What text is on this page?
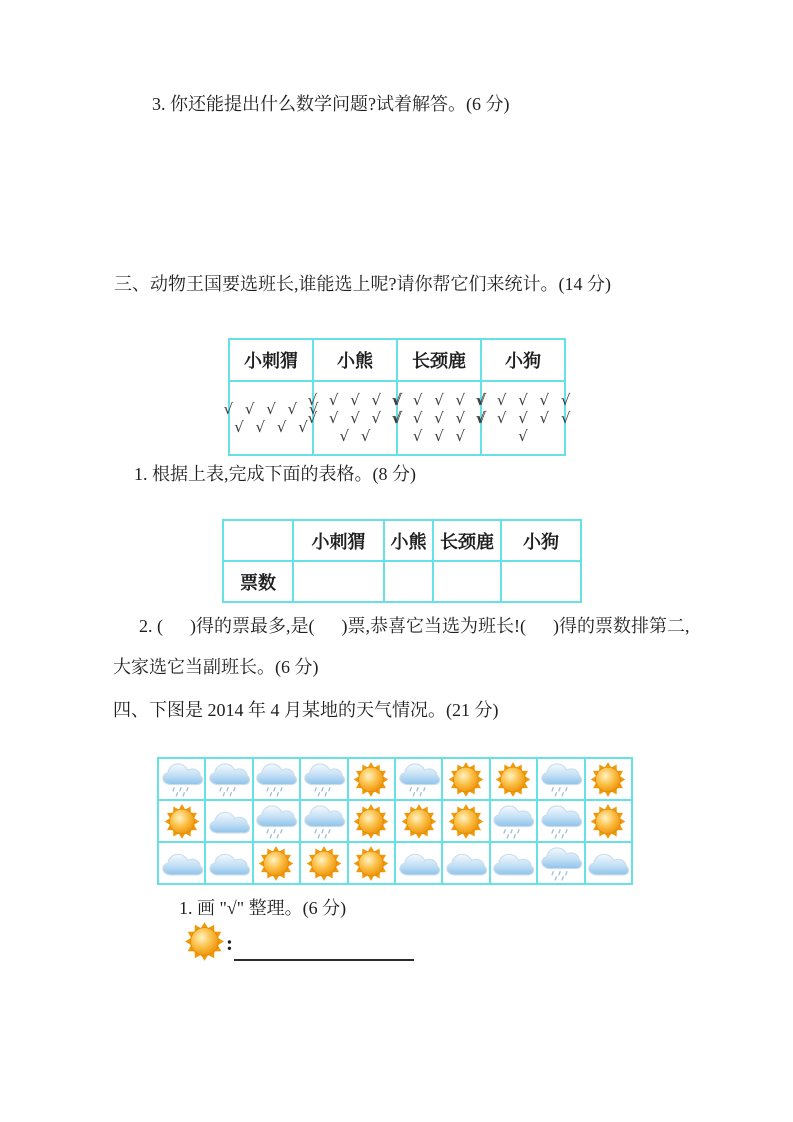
3. 你还能提出什么数学问题?试着解答。(6 分)
三、动物王国要选班长,谁能选上呢?请你帮它们来统计。(14 分)
小刺猬	小熊	长颈鹿	小狗

√ √ √ √ √
√ √ √ √

√ √ √ √ √
√ √ √ √ √
√ √

√ √ √ √ √
√ √ √ √ √
√ √ √

√ √ √ √ √
√ √ √ √ √
√
1. 根据上表,完成下面的表格。(8 分)
	小刺猬	小熊	长颈鹿	小狗
票数				
2. (      )得的票最多,是(      )票,恭喜它当选为班长!(      )得的票数排第二,
大家选它当副班长。(6 分)
四、下图是 2014 年 4 月某地的天气情况。(21 分)

1. 画 "√" 整理。(6 分)
:
